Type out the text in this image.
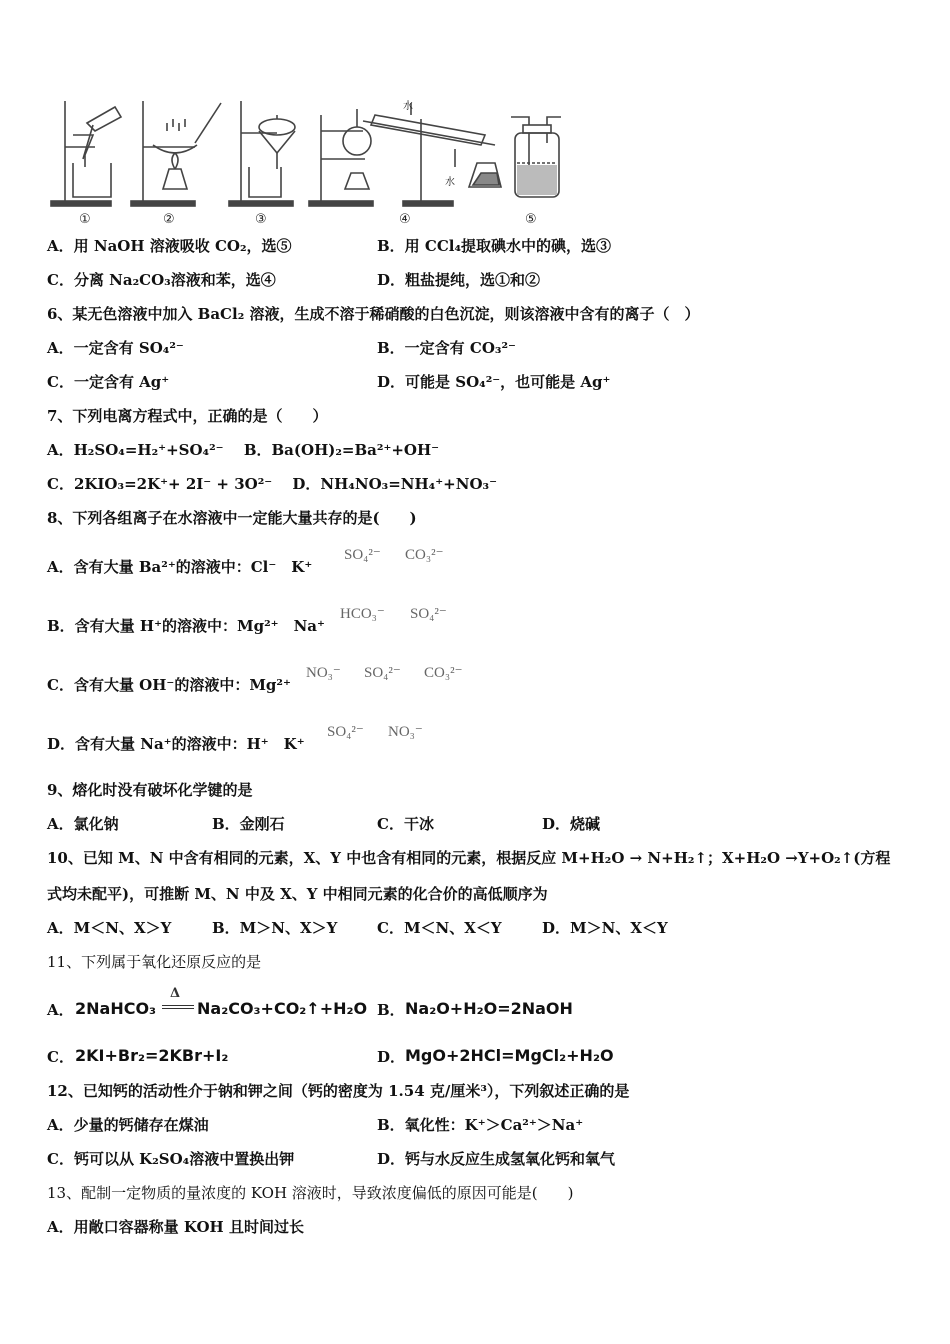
①	②	③	④	⑤
水
水
A．用 NaOH 溶液吸收 CO₂，选⑤	B．用 CCl₄提取碘水中的碘，选③
C．分离 Na₂CO₃溶液和苯，选④	D．粗盐提纯，选①和②
6、某无色溶液中加入 BaCl₂ 溶液，生成不溶于稀硝酸的白色沉淀，则该溶液中含有的离子（　）
A．一定含有 SO₄²⁻	B．一定含有 CO₃²⁻
C．一定含有 Ag⁺	D．可能是 SO₄²⁻，也可能是 Ag⁺
7、下列电离方程式中，正确的是（　　）
A．H₂SO₄=H₂⁺+SO₄²⁻　 B．Ba(OH)₂=Ba²⁺+OH⁻
C．2KIO₃=2K⁺+ 2I⁻ + 3O²⁻　 D．NH₄NO₃=NH₄⁺+NO₃⁻
8、下列各组离子在水溶液中一定能大量共存的是(　　)
A．含有大量 Ba²⁺的溶液中：Cl⁻　K⁺
SO₄²⁻ CO₃²⁻
B．含有大量 H⁺的溶液中：Mg²⁺　Na⁺
HCO₃⁻ SO₄²⁻
C．含有大量 OH⁻的溶液中：Mg²⁺
NO₃⁻ SO₄²⁻ CO₃²⁻
D．含有大量 Na⁺的溶液中：H⁺　K⁺
SO₄²⁻ NO₃⁻
9、熔化时没有破坏化学键的是
A．氯化钠	B．金刚石	C．干冰	D．烧碱
10、已知 M、N 中含有相同的元素，X、Y 中也含有相同的元素，根据反应 M+H₂O → N+H₂↑；X+H₂O →Y+O₂↑(方程式均未配平)，可推断 M、N 中及 X、Y 中相同元素的化合价的高低顺序为
A．M＜N、X＞Y	B．M＞N、X＞Y	C．M＜N、X＜Y	D．M＞N、X＜Y
11、下列属于氧化还原反应的是
A． 2NaHCO₃
Δ
Na₂CO₃+CO₂↑+H₂O B． Na₂O+H₂O=2NaOH
C． 2KI+Br₂=2KBr+I₂	D． MgO+2HCl=MgCl₂+H₂O
12、已知钙的活动性介于钠和钾之间（钙的密度为 1.54 克/厘米³），下列叙述正确的是
A．少量的钙储存在煤油	B．氧化性：K⁺＞Ca²⁺＞Na⁺
C．钙可以从 K₂SO₄溶液中置换出钾	D．钙与水反应生成氢氧化钙和氧气
13、配制一定物质的量浓度的 KOH 溶液时，导致浓度偏低的原因可能是(　　)
A．用敞口容器称量 KOH 且时间过长
